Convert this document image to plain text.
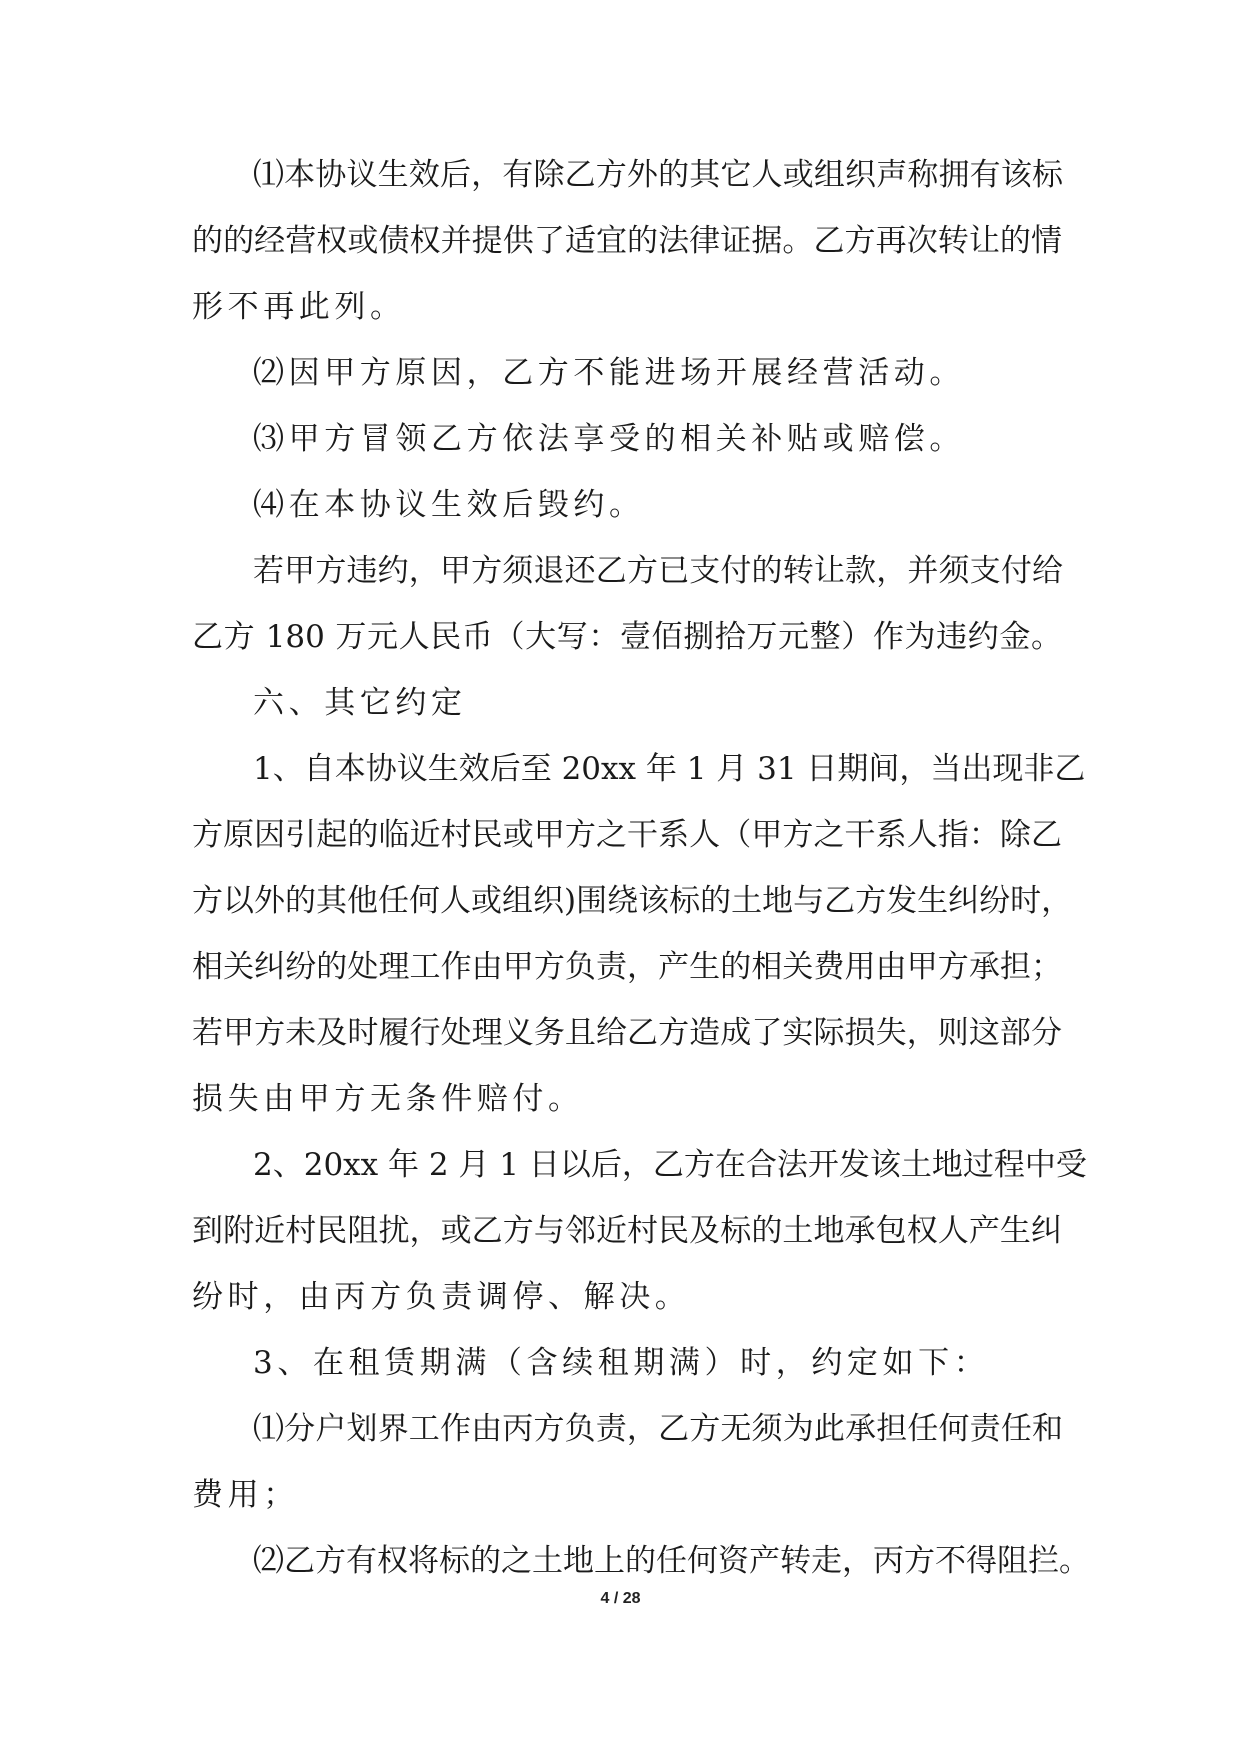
⑴本协议生效后，有除乙方外的其它人或组织声称拥有该标
的的经营权或债权并提供了适宜的法律证据。乙方再次转让的情
形不再此列。
⑵因甲方原因，乙方不能进场开展经营活动。
⑶甲方冒领乙方依法享受的相关补贴或赔偿。
⑷在本协议生效后毁约。
若甲方违约，甲方须退还乙方已支付的转让款，并须支付给
乙方 180 万元人民币（大写：壹佰捌拾万元整）作为违约金。
六、其它约定
1、自本协议生效后至 20xx 年 1 月 31 日期间，当出现非乙
方原因引起的临近村民或甲方之干系人（甲方之干系人指：除乙
方以外的其他任何人或组织)围绕该标的土地与乙方发生纠纷时，
相关纠纷的处理工作由甲方负责，产生的相关费用由甲方承担；
若甲方未及时履行处理义务且给乙方造成了实际损失，则这部分
损失由甲方无条件赔付。
2、20xx 年 2 月 1 日以后，乙方在合法开发该土地过程中受
到附近村民阻扰，或乙方与邻近村民及标的土地承包权人产生纠
纷时，由丙方负责调停、解决。
3、在租赁期满（含续租期满）时，约定如下：
⑴分户划界工作由丙方负责，乙方无须为此承担任何责任和
费用；
⑵乙方有权将标的之土地上的任何资产转走，丙方不得阻拦。
4 / 28
